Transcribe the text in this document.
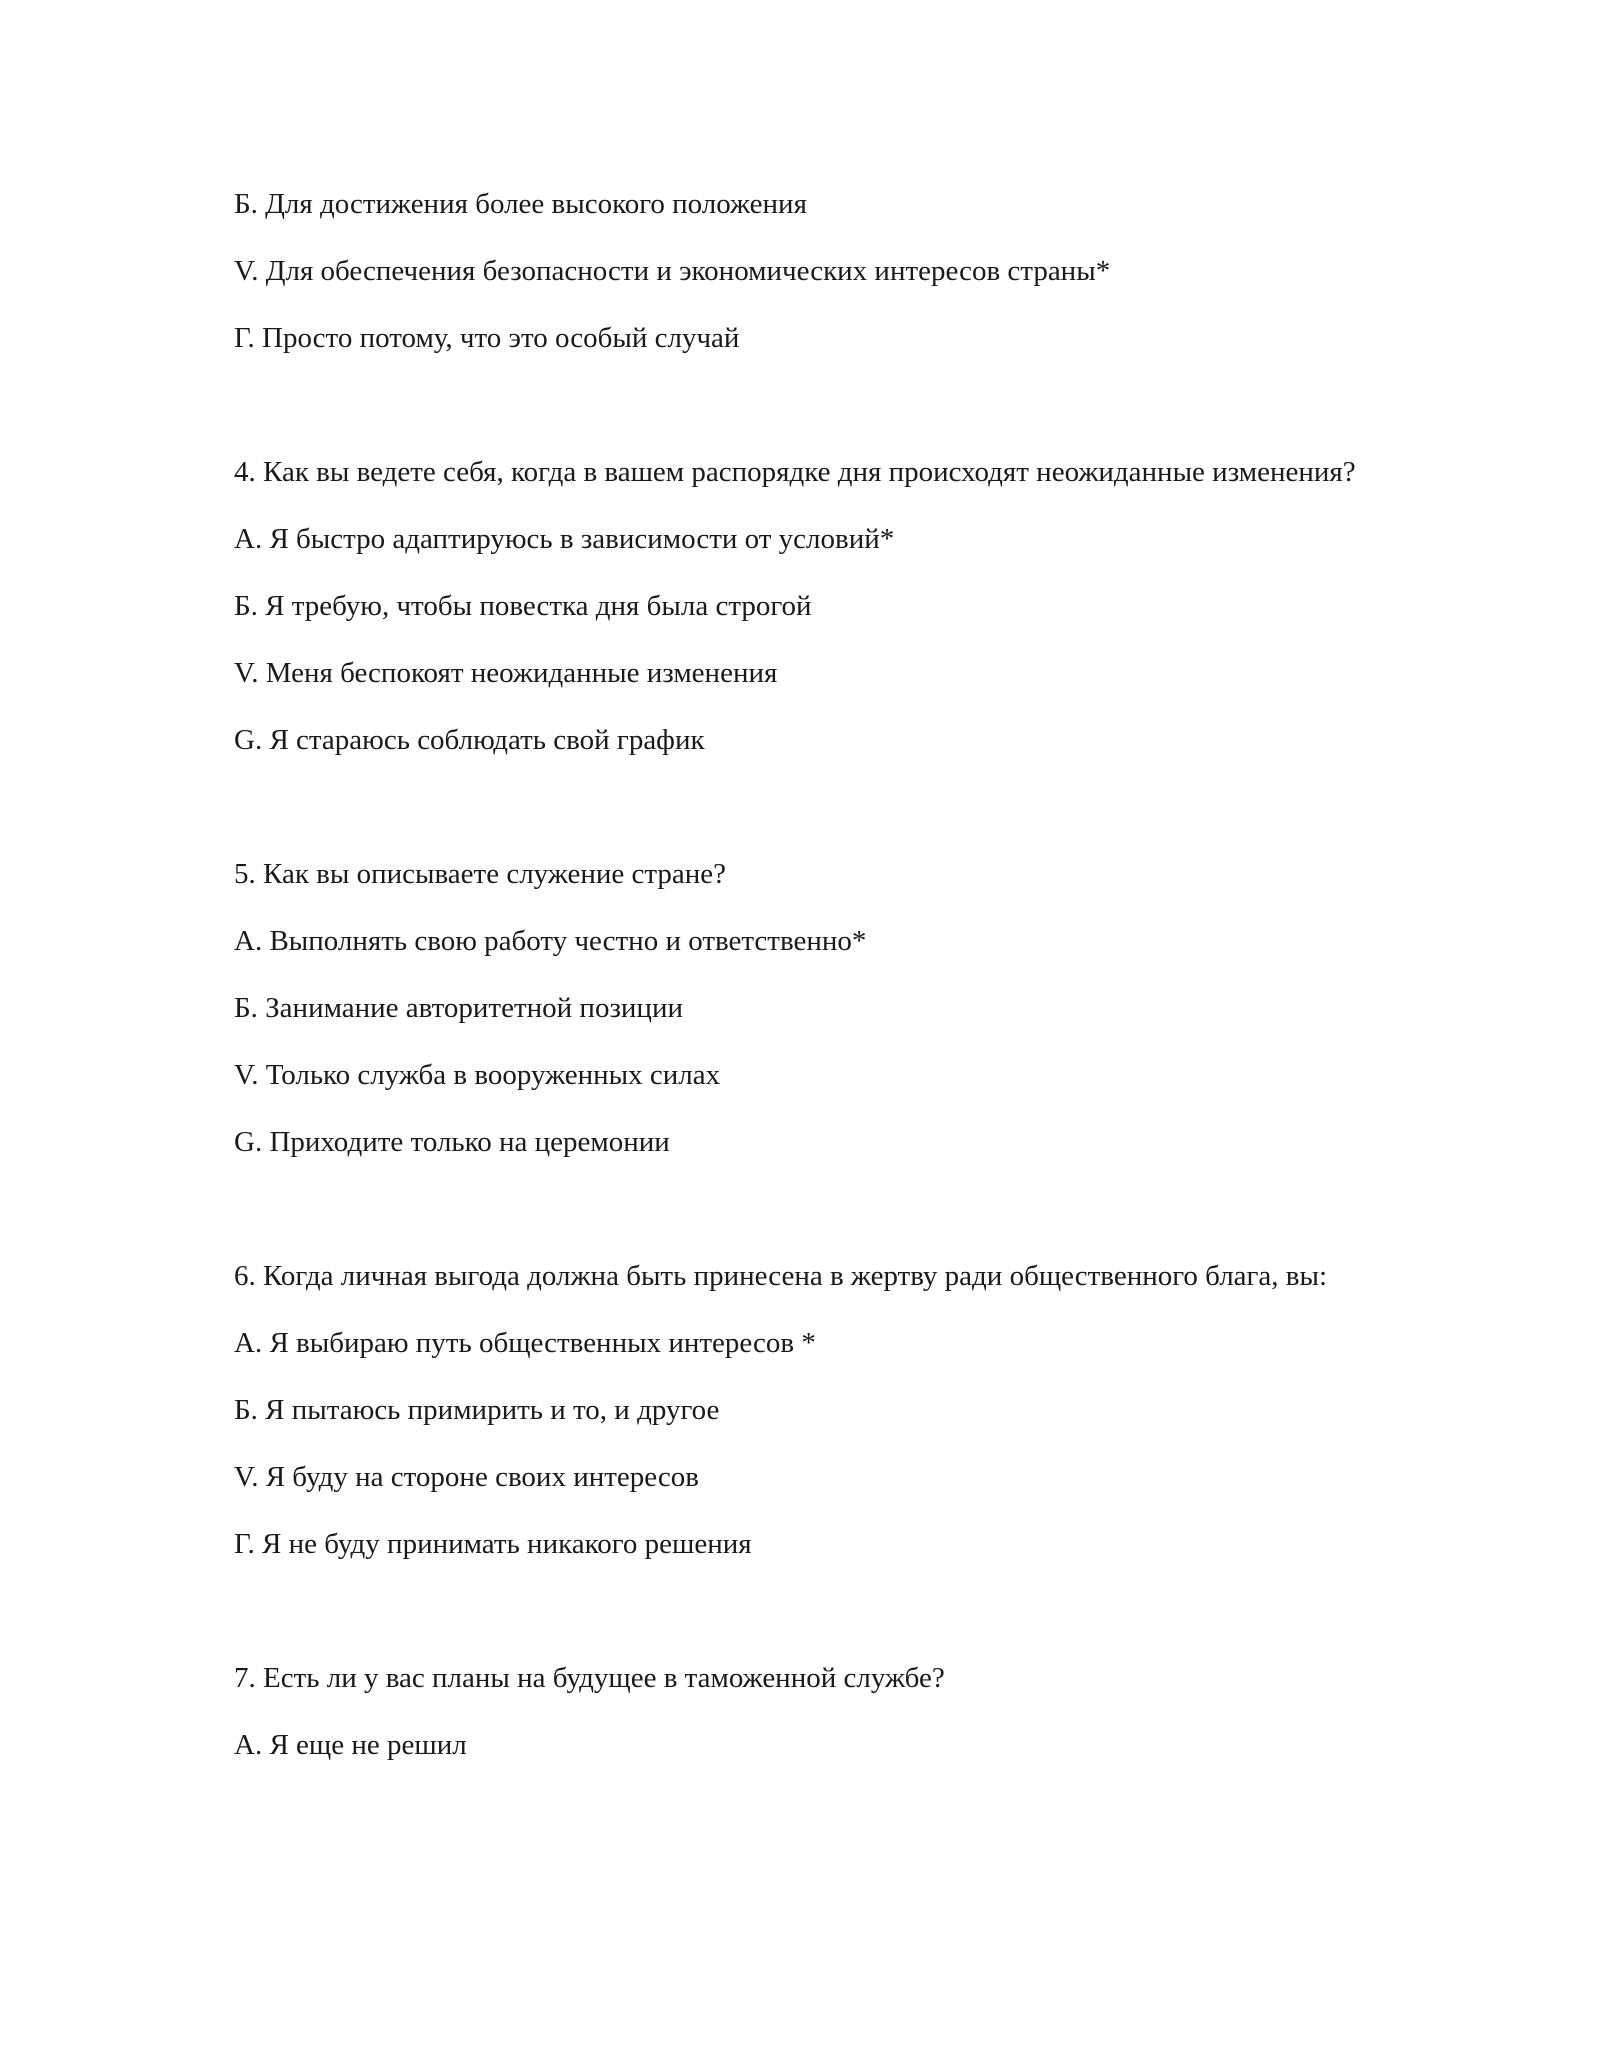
Б. Для достижения более высокого положения

V. Для обеспечения безопасности и экономических интересов страны*

Г. Просто потому, что это особый случай

4. Как вы ведете себя, когда в вашем распорядке дня происходят неожиданные изменения?

А. Я быстро адаптируюсь в зависимости от условий*

Б. Я требую, чтобы повестка дня была строгой

V. Меня беспокоят неожиданные изменения

G. Я стараюсь соблюдать свой график

5. Как вы описываете служение стране?

А. Выполнять свою работу честно и ответственно*

Б. Занимание авторитетной позиции

V. Только служба в вооруженных силах

G. Приходите только на церемонии

6. Когда личная выгода должна быть принесена в жертву ради общественного блага, вы:

А. Я выбираю путь общественных интересов *

Б. Я пытаюсь примирить и то, и другое

V. Я буду на стороне своих интересов

Г. Я не буду принимать никакого решения

7. Есть ли у вас планы на будущее в таможенной службе?

А. Я еще не решил
